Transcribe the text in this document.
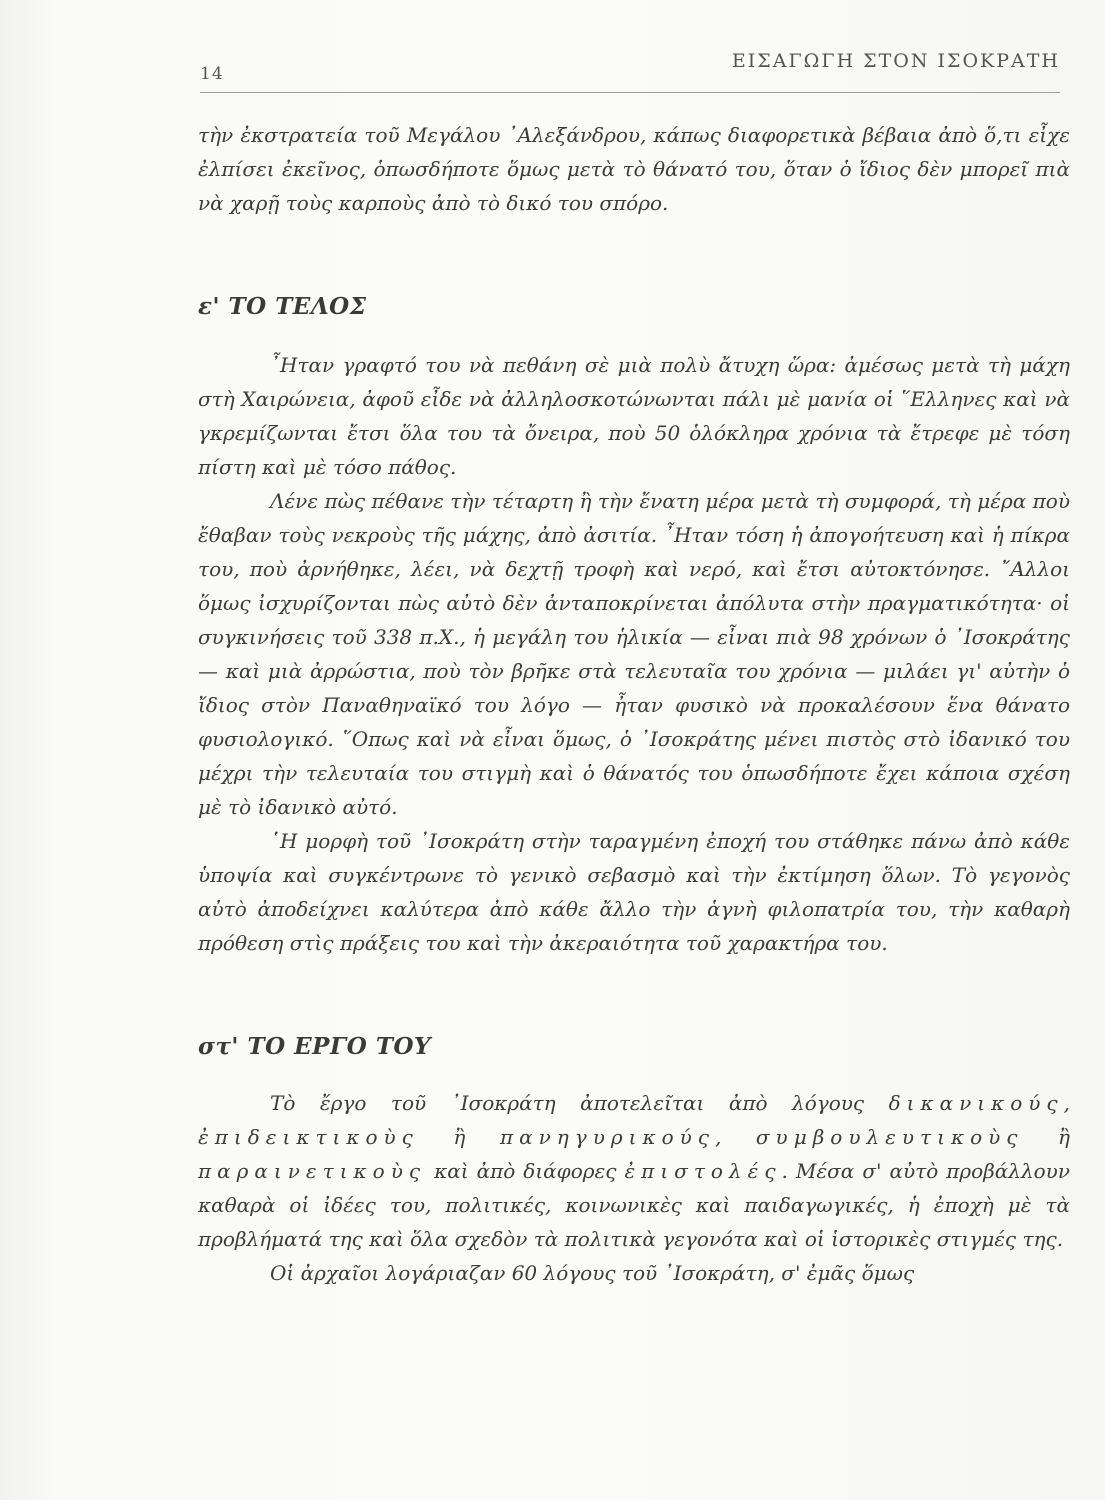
14
ΕΙΣΑΓΩΓΗ ΣΤΟΝ ΙΣΟΚΡΑΤΗ

τὴν ἐκστρατεία τοῦ Μεγάλου ᾿Αλεξάνδρου, κάπως διαφορετικὰ βέβαια ἀπὸ ὅ,τι εἶχε ἐλπίσει ἐκεῖνος, ὁπωσδήποτε ὅμως μετὰ τὸ θάνατό του, ὅταν ὁ ἴδιος δὲν μπορεῖ πιὰ νὰ χαρῇ τοὺς καρποὺς ἀπὸ τὸ δικό του σπόρο.

ε' ΤΟ ΤΕΛΟΣ

῏Ηταν γραφτό του νὰ πεθάνη σὲ μιὰ πολὺ ἄτυχη ὥρα: ἀμέσως μετὰ τὴ μάχη στὴ Χαιρώνεια, ἀφοῦ εἶδε νὰ ἀλληλοσκοτώνωνται πάλι μὲ μανία οἱ ῞Ελληνες καὶ νὰ γκρεμίζωνται ἔτσι ὅλα του τὰ ὄνειρα, ποὺ 50 ὁλόκληρα χρόνια τὰ ἔτρεφε μὲ τόση πίστη καὶ μὲ τόσο πάθος.

Λένε πὼς πέθανε τὴν τέταρτη ἢ τὴν ἔνατη μέρα μετὰ τὴ συμφορά, τὴ μέρα ποὺ ἔθαβαν τοὺς νεκροὺς τῆς μάχης, ἀπὸ ἀσιτία. ῏Ηταν τόση ἡ ἀπογοήτευση καὶ ἡ πίκρα του, ποὺ ἀρνήθηκε, λέει, νὰ δεχτῇ τροφὴ καὶ νερό, καὶ ἔτσι αὐτοκτόνησε. ῎Αλλοι ὅμως ἰσχυρίζονται πὼς αὐτὸ δὲν ἀνταποκρίνεται ἀπόλυτα στὴν πραγματικότητα· οἱ συγκινήσεις τοῦ 338 π.Χ., ἡ μεγάλη του ἡλικία — εἶναι πιὰ 98 χρόνων ὁ ᾿Ισοκράτης — καὶ μιὰ ἀρρώστια, ποὺ τὸν βρῆκε στὰ τελευταῖα του χρόνια — μιλάει γι' αὐτὴν ὁ ἴδιος στὸν Παναθηναϊκό του λόγο — ἦταν φυσικὸ νὰ προκαλέσουν ἕνα θάνατο φυσιολογικό. ῞Οπως καὶ νὰ εἶναι ὅμως, ὁ ᾿Ισοκράτης μένει πιστὸς στὸ ἰδανικό του μέχρι τὴν τελευταία του στιγμὴ καὶ ὁ θάνατός του ὁπωσδήποτε ἔχει κάποια σχέση μὲ τὸ ἰδανικὸ αὐτό.

῾Η μορφὴ τοῦ ᾿Ισοκράτη στὴν ταραγμένη ἐποχή του στάθηκε πάνω ἀπὸ κάθε ὑποψία καὶ συγκέντρωνε τὸ γενικὸ σεβασμὸ καὶ τὴν ἐκτίμηση ὅλων. Τὸ γεγονὸς αὐτὸ ἀποδείχνει καλύτερα ἀπὸ κάθε ἄλλο τὴν ἁγνὴ φιλοπατρία του, τὴν καθαρὴ πρόθεση στὶς πράξεις του καὶ τὴν ἀκεραιότητα τοῦ χαρακτήρα του.

στ' ΤΟ ΕΡΓΟ ΤΟΥ

Τὸ ἔργο τοῦ ᾿Ισοκράτη ἀποτελεῖται ἀπὸ λόγους δικανικούς, ἐπιδεικτικοὺς ἢ πανηγυρικούς, συμβουλευτικοὺς ἢ παραινετικοὺς καὶ ἀπὸ διάφορες ἐπιστολές. Μέσα σ' αὐτὸ προβάλλουν καθαρὰ οἱ ἰδέες του, πολιτικές, κοινωνικὲς καὶ παιδαγωγικές, ἡ ἐποχὴ μὲ τὰ προβλήματά της καὶ ὅλα σχεδὸν τὰ πολιτικὰ γεγονότα καὶ οἱ ἱστορικὲς στιγμές της.

Οἱ ἀρχαῖοι λογάριαζαν 60 λόγους τοῦ ᾿Ισοκράτη, σ' ἐμᾶς ὅμως
